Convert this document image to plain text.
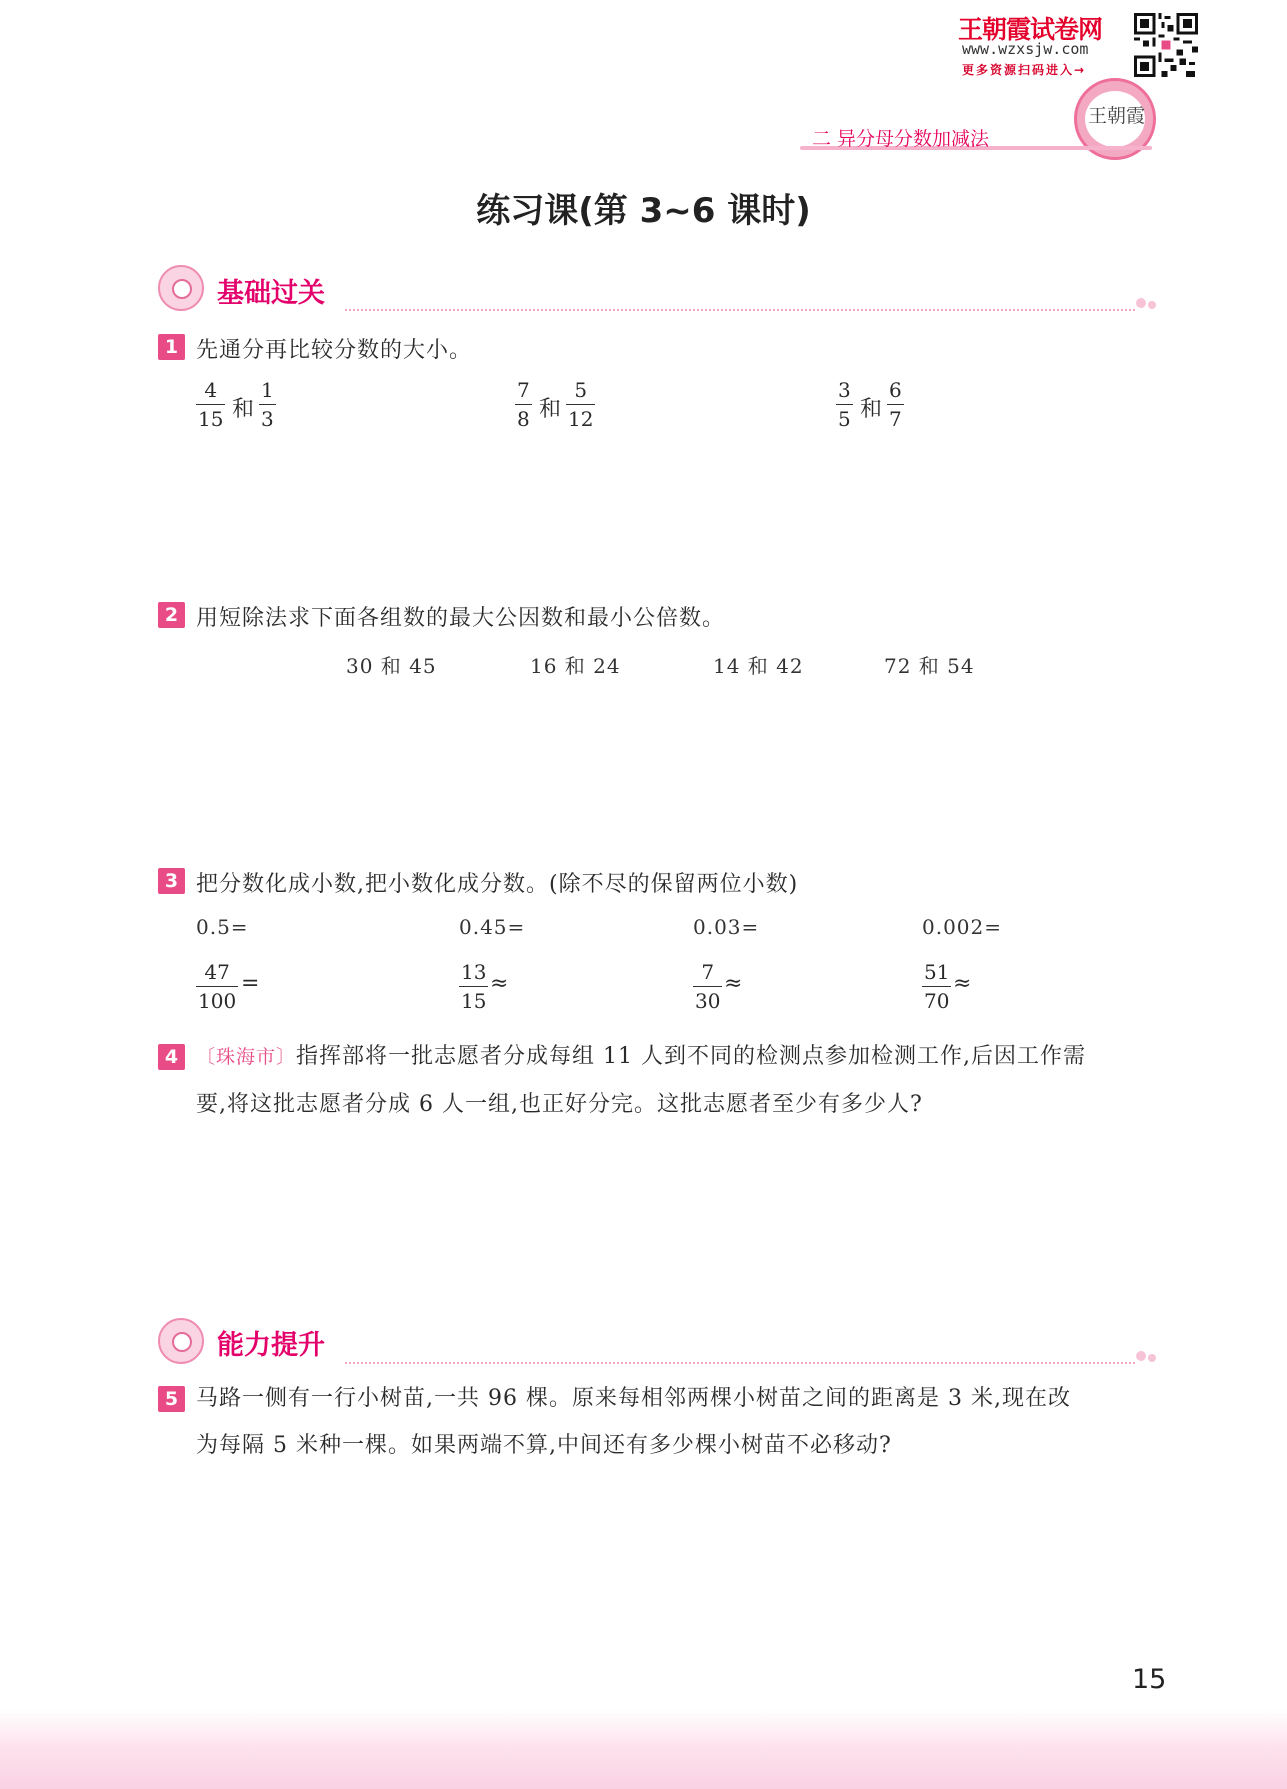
王朝霞试卷网
www.wzxsjw.com
更多资源扫码进入→
王朝霞
二 异分母分数加减法
练习课(第 3~6 课时)
基础过关
1 先通分再比较分数的大小。
$\frac{4}{15}$ 和 $\frac{1}{3}$	$\frac{7}{8}$ 和 $\frac{5}{12}$	$\frac{3}{5}$ 和 $\frac{6}{7}$
2 用短除法求下面各组数的最大公因数和最小公倍数。
30 和 45	16 和 24	14 和 42	72 和 54
3 把分数化成小数,把小数化成分数。(除不尽的保留两位小数)
0.5=	0.45=	0.03=	0.002=
$\frac{47}{100}$ =	$\frac{13}{15}$ ≈	$\frac{7}{30}$ ≈	$\frac{51}{70}$ ≈
4 〔珠海市〕指挥部将一批志愿者分成每组 11 人到不同的检测点参加检测工作,后因工作需
要,将这批志愿者分成 6 人一组,也正好分完。这批志愿者至少有多少人?
能力提升
5 马路一侧有一行小树苗,一共 96 棵。原来每相邻两棵小树苗之间的距离是 3 米,现在改
为每隔 5 米种一棵。如果两端不算,中间还有多少棵小树苗不必移动?
15
